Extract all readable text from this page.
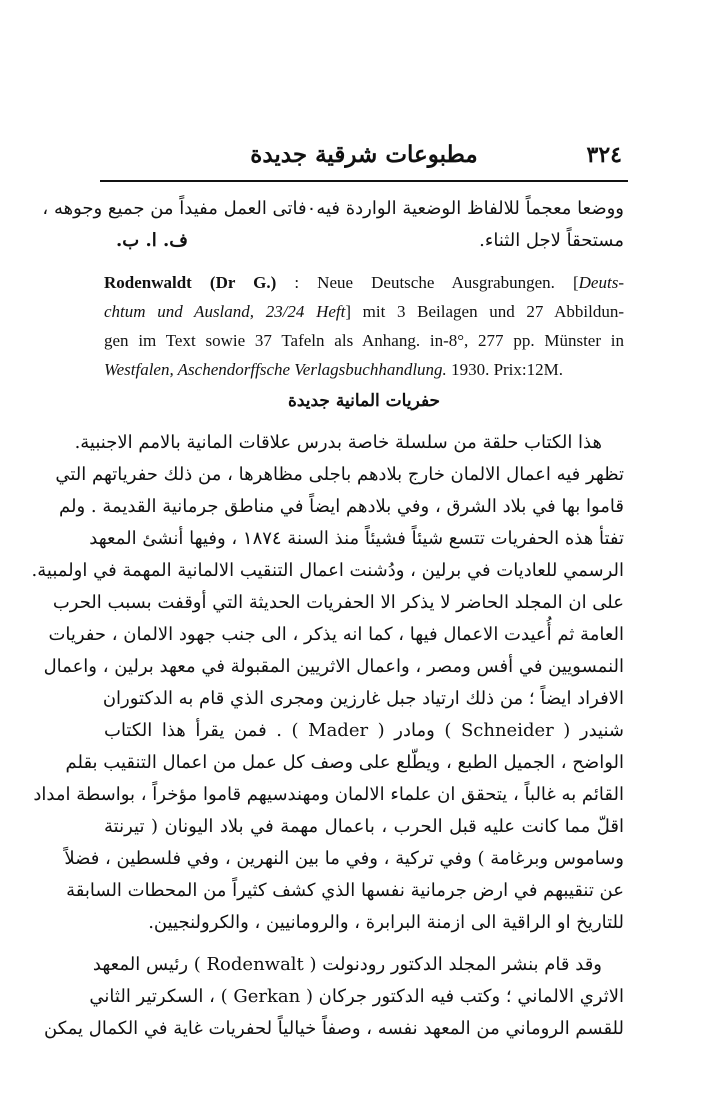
مطبوعات شرقية جديدة	٣٢٤
ووضعا معجماً للالفاظ الوضعية الواردة فيه٠فاتى العمل مفيداً من جميع وجوهه ،
مستحقاً لاجل الثناء.
ف. ا. ب.
Rodenwaldt (Dr G.) : Neue Deutsche Ausgrabungen. [Deuts-
chtum und Ausland, 23/24 Heft] mit 3 Beilagen und 27 Abbildun-
gen im Text sowie 37 Tafeln als Anhang. in-8°, 277 pp. Münster in
Westfalen, Aschendorffsche Verlagsbuchhandlung. 1930. Prix:12M.
حفريات المانية جديدة
هذا الكتاب حلقة من سلسلة خاصة بدرس علاقات المانية بالامم الاجنبية.
تظهر فيه اعمال الالمان خارج بلادهم باجلى مظاهرها ، من ذلك حفرياتهم التي
قاموا بها في بلاد الشرق ، وفي بلادهم ايضاً في مناطق جرمانية القديمة . ولم
تفتأ هذه الحفريات تتسع شيئاً فشيئاً منذ السنة ١٨٧٤ ، وفيها أنشئ المعهد
الرسمي للعاديات في برلين ، ودُشنت اعمال التنقيب الالمانية المهمة في اولمبية.
على ان المجلد الحاضر لا يذكر الا الحفريات الحديثة التي أوقفت بسبب الحرب
العامة ثم أُعيدت الاعمال فيها ، كما انه يذكر ، الى جنب جهود الالمان ، حفريات
النمسويين في أفس ومصر ، واعمال الاثريين المقبولة في معهد برلين ، واعمال
الافراد ايضاً ؛ من ذلك ارتياد جبل غارزين ومجرى الذي قام به الدكتوران
شنيدر ( Schneider ) ومادر ( Mader ) . فمن يقرأ هذا الكتاب
الواضح ، الجميل الطبع ، ويطّلع على وصف كل عمل من اعمال التنقيب بقلم
القائم به غالباً ، يتحقق ان علماء الالمان ومهندسيهم قاموا مؤخراً ، بواسطة امداد
اقلّ مما كانت عليه قبل الحرب ، باعمال مهمة في بلاد اليونان ( تيرنتة
وساموس وبرغامة ) وفي تركية ، وفي ما بين النهرين ، وفي فلسطين ، فضلاً
عن تنقيبهم في ارض جرمانية نفسها الذي كشف كثيراً من المحطات السابقة
للتاريخ او الراقية الى ازمنة البرابرة ، والرومانيين ، والكرولنجيين.
وقد قام بنشر المجلد الدكتور رودنولت ( Rodenwalt ) رئيس المعهد
الاثري الالماني ؛ وكتب فيه الدكتور جركان ( Gerkan ) ، السكرتير الثاني
للقسم الروماني من المعهد نفسه ، وصفاً خيالياً لحفريات غاية في الكمال يمكن
